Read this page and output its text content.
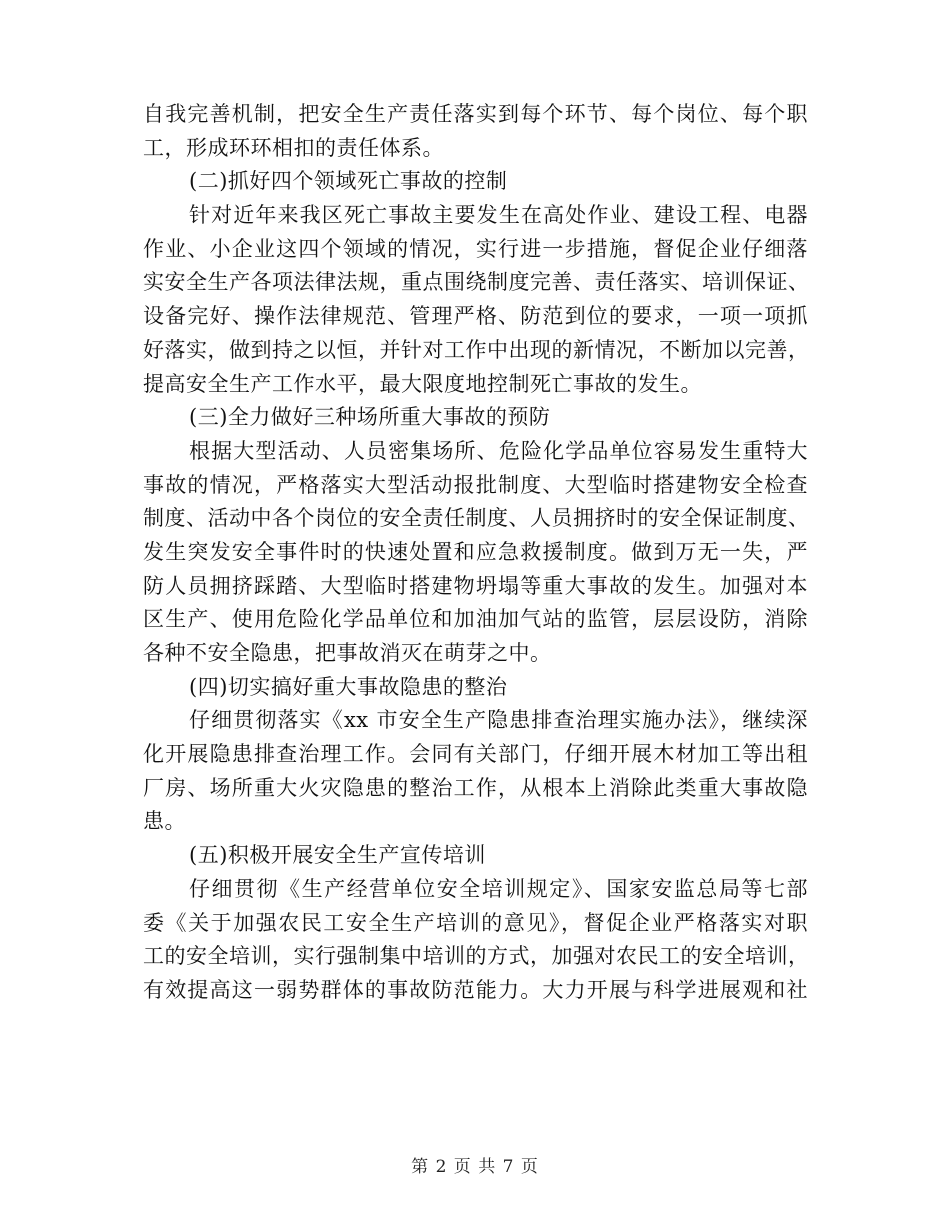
自我完善机制，把安全生产责任落实到每个环节、每个岗位、每个职
工，形成环环相扣的责任体系。
(二)抓好四个领域死亡事故的控制
针对近年来我区死亡事故主要发生在高处作业、建设工程、电器
作业、小企业这四个领域的情况，实行进一步措施，督促企业仔细落
实安全生产各项法律法规，重点围绕制度完善、责任落实、培训保证、
设备完好、操作法律规范、管理严格、防范到位的要求，一项一项抓
好落实，做到持之以恒，并针对工作中出现的新情况，不断加以完善，
提高安全生产工作水平，最大限度地控制死亡事故的发生。
(三)全力做好三种场所重大事故的预防
根据大型活动、人员密集场所、危险化学品单位容易发生重特大
事故的情况，严格落实大型活动报批制度、大型临时搭建物安全检查
制度、活动中各个岗位的安全责任制度、人员拥挤时的安全保证制度、
发生突发安全事件时的快速处置和应急救援制度。做到万无一失，严
防人员拥挤踩踏、大型临时搭建物坍塌等重大事故的发生。加强对本
区生产、使用危险化学品单位和加油加气站的监管，层层设防，消除
各种不安全隐患，把事故消灭在萌芽之中。
(四)切实搞好重大事故隐患的整治
仔细贯彻落实《xx 市安全生产隐患排查治理实施办法》，继续深
化开展隐患排查治理工作。会同有关部门，仔细开展木材加工等出租
厂房、场所重大火灾隐患的整治工作，从根本上消除此类重大事故隐
患。
(五)积极开展安全生产宣传培训
仔细贯彻《生产经营单位安全培训规定》、国家安监总局等七部
委《关于加强农民工安全生产培训的意见》，督促企业严格落实对职
工的安全培训，实行强制集中培训的方式，加强对农民工的安全培训，
有效提高这一弱势群体的事故防范能力。大力开展与科学进展观和社
第 2 页 共 7 页
